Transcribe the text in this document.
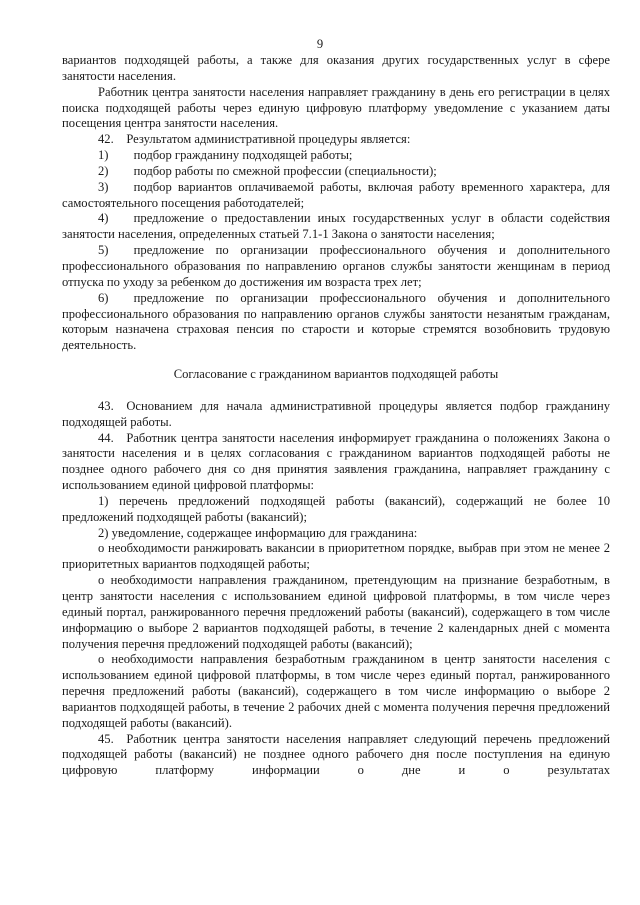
9

вариантов подходящей работы, а также для оказания других государственных услуг в сфере занятости населения.

Работник центра занятости населения направляет гражданину в день его регистрации в целях поиска подходящей работы через единую цифровую платформу уведомление с указанием даты посещения центра занятости населения.

42. Результатом административной процедуры является:

1)  подбор гражданину подходящей работы;

2)  подбор работы по смежной профессии (специальности);

3)  подбор вариантов оплачиваемой работы, включая работу временного характера, для самостоятельного посещения работодателей;

4)  предложение о предоставлении иных государственных услуг в области содействия занятости населения, определенных статьей 7.1-1 Закона о занятости населения;

5)  предложение по организации профессионального обучения и дополнительного профессионального образования по направлению органов службы занятости женщинам в период отпуска по уходу за ребенком до достижения им возраста трех лет;

6)  предложение по организации профессионального обучения и дополнительного профессионального образования по направлению органов службы занятости незанятым гражданам, которым назначена страховая пенсия по старости и которые стремятся возобновить трудовую деятельность.

Согласование с гражданином вариантов подходящей работы

43. Основанием для начала административной процедуры является подбор гражданину подходящей работы.

44. Работник центра занятости населения информирует гражданина о положениях Закона о занятости населения и в целях согласования с гражданином вариантов подходящей работы не позднее одного рабочего дня со дня принятия заявления гражданина, направляет гражданину с использованием единой цифровой платформы:

1) перечень предложений подходящей работы (вакансий), содержащий не более 10 предложений подходящей работы (вакансий);

2) уведомление, содержащее информацию для гражданина:

о необходимости ранжировать вакансии в приоритетном порядке, выбрав при этом не менее 2 приоритетных вариантов подходящей работы;

о необходимости направления гражданином, претендующим на признание безработным, в центр занятости населения с использованием единой цифровой платформы, в том числе через единый портал, ранжированного перечня предложений работы (вакансий), содержащего в том числе информацию о выборе 2 вариантов подходящей работы, в течение 2 календарных дней с момента получения перечня предложений подходящей работы (вакансий);

о необходимости направления безработным гражданином в центр занятости населения с использованием единой цифровой платформы, в том числе через единый портал, ранжированного перечня предложений работы (вакансий), содержащего в том числе информацию о выборе 2 вариантов подходящей работы, в течение 2 рабочих дней с момента получения перечня предложений подходящей работы (вакансий).

45. Работник центра занятости населения направляет следующий перечень предложений подходящей работы (вакансий) не позднее одного рабочего дня после поступления на единую цифровую платформу информации о дне и о результатах
